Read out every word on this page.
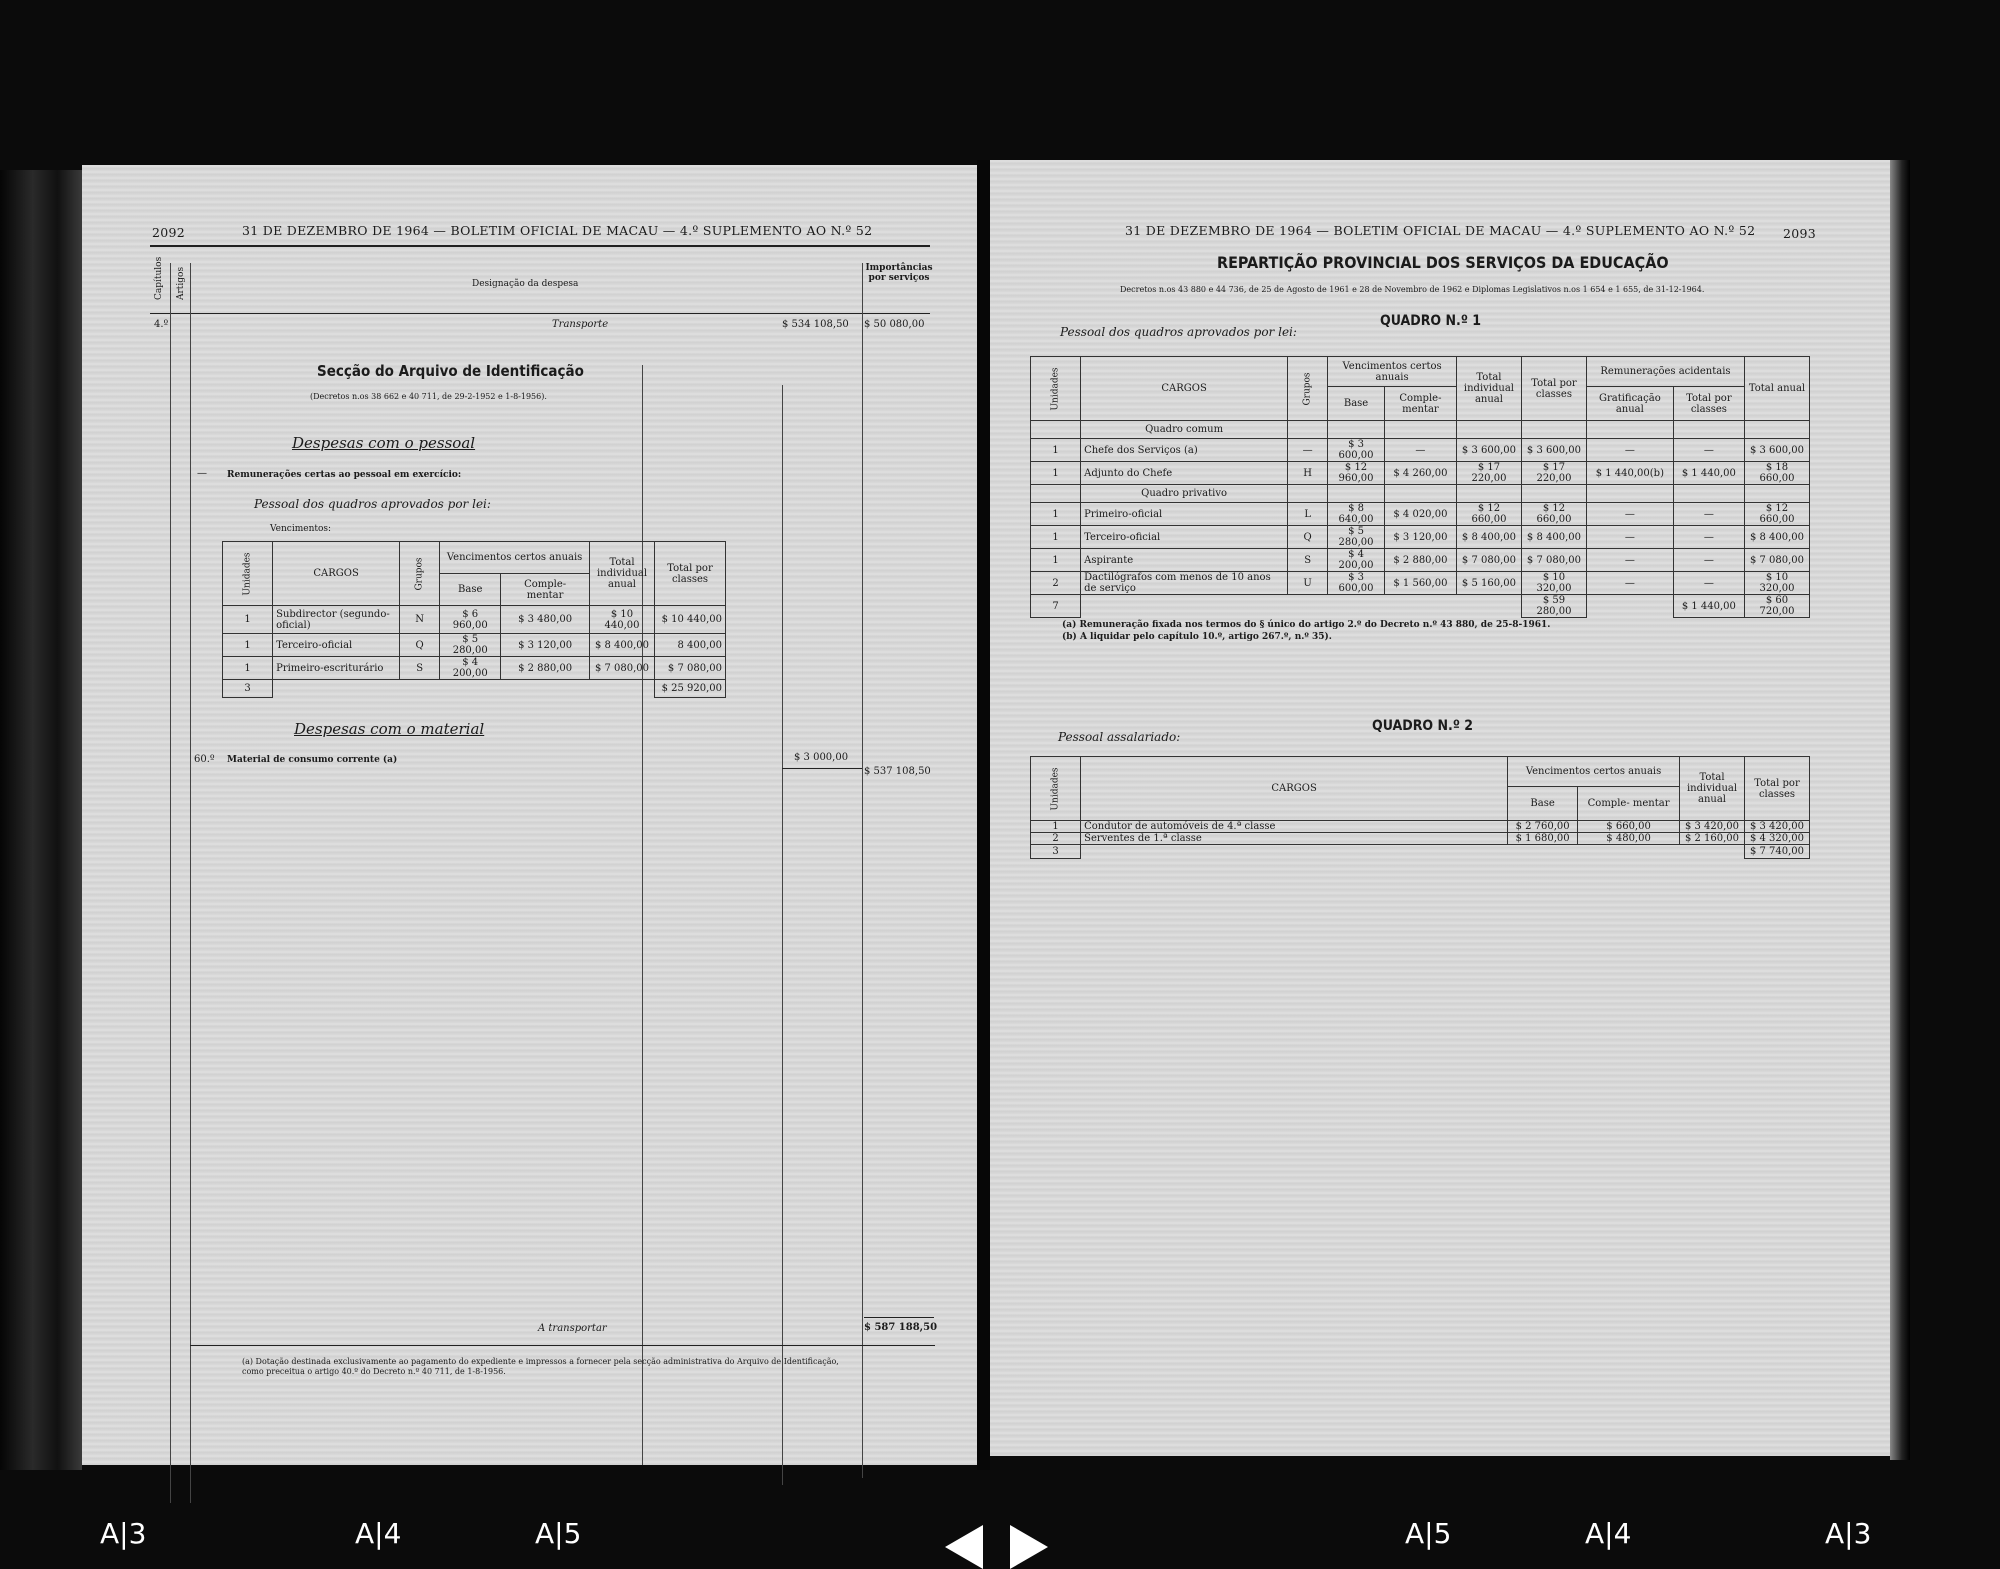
2092	31 DE DEZEMBRO DE 1964 — BOLETIM OFICIAL DE MACAU — 4.º SUPLEMENTO AO N.º 52
Capítulos Artigos	Designação da despesa
Importâncias por serviços
4.º	Transporte	$ 534 108,50 $ 50 080,00
Secção do Arquivo de Identificação
(Decretos n.os 38 662 e 40 711, de 29-2-1952 e 1-8-1956).
Despesas com o pessoal
— Remunerações certas ao pessoal em exercício:
Pessoal dos quadros aprovados por lei:
Vencimentos:
Unidades	CARGOS	Grupos	Vencimentos certos anuais		Total individual anual	Total por classes
			Base	Comple- mentar		
1	Subdirector (segundo-oficial)	N	$ 6 960,00	$ 3 480,00	$ 10 440,00	$ 10 440,00
1	Terceiro-oficial	Q	$ 5 280,00	$ 3 120,00	$ 8 400,00	8 400,00
1	Primeiro-escriturário	S	$ 4 200,00	$ 2 880,00	$ 7 080,00	$ 7 080,00
3						$ 25 920,00
Despesas com o material
60.º Material de consumo corrente (a)	$ 3 000,00
$ 537 108,50
A transportar	$ 587 188,50
(a) Dotação destinada exclusivamente ao pagamento do expediente e impressos a fornecer pela secção administrativa do Arquivo de Identificação, como preceitua o artigo 40.º do Decreto n.º 40 711, de 1-8-1956.
31 DE DEZEMBRO DE 1964 — BOLETIM OFICIAL DE MACAU — 4.º SUPLEMENTO AO N.º 52 2093
REPARTIÇÃO PROVINCIAL DOS SERVIÇOS DA EDUCAÇÃO
Decretos n.os 43 880 e 44 736, de 25 de Agosto de 1961 e 28 de Novembro de 1962 e Diplomas Legislativos n.os 1 654 e 1 655, de 31-12-1964.
QUADRO N.º 1
Pessoal dos quadros aprovados por lei:
Unidades	CARGOS	Grupos	Vencimentos certos anuais		Total individual anual	Total por classes	Remunerações acidentais		Total anual
			Base	Comple- mentar			Gratificação anual	Total por classes	
	Quadro comum								
1	Chefe dos Serviços (a)	—	$ 3 600,00	—	$ 3 600,00	$ 3 600,00	—	—	$ 3 600,00
1	Adjunto do Chefe	H	$ 12 960,00	$ 4 260,00	$ 17 220,00	$ 17 220,00	$ 1 440,00(b)	$ 1 440,00	$ 18 660,00
	Quadro privativo								
1	Primeiro-oficial	L	$ 8 640,00	$ 4 020,00	$ 12 660,00	$ 12 660,00	—	—	$ 12 660,00
1	Terceiro-oficial	Q	$ 5 280,00	$ 3 120,00	$ 8 400,00	$ 8 400,00	—	—	$ 8 400,00
1	Aspirante	S	$ 4 200,00	$ 2 880,00	$ 7 080,00	$ 7 080,00	—	—	$ 7 080,00
2	Dactilógrafos com menos de 10 anos de serviço	U	$ 3 600,00	$ 1 560,00	$ 5 160,00	$ 10 320,00	—	—	$ 10 320,00
7						$ 59 280,00		$ 1 440,00	$ 60 720,00
(a) Remuneração fixada nos termos do § único do artigo 2.º do Decreto n.º 43 880, de 25-8-1961.
(b) A liquidar pelo capítulo 10.º, artigo 267.º, n.º 35).
QUADRO N.º 2
Pessoal assalariado:
Unidades	CARGOS	Vencimentos certos anuais		Total individual anual	Total por classes
		Base	Comple- mentar		
1	Condutor de automóveis de 4.ª classe	$ 2 760,00	$ 660,00	$ 3 420,00	$ 3 420,00
2	Serventes de 1.ª classe	$ 1 680,00	$ 480,00	$ 2 160,00	$ 4 320,00
3					$ 7 740,00
A|3	A|4	A|5	A|5	A|4	A|3
